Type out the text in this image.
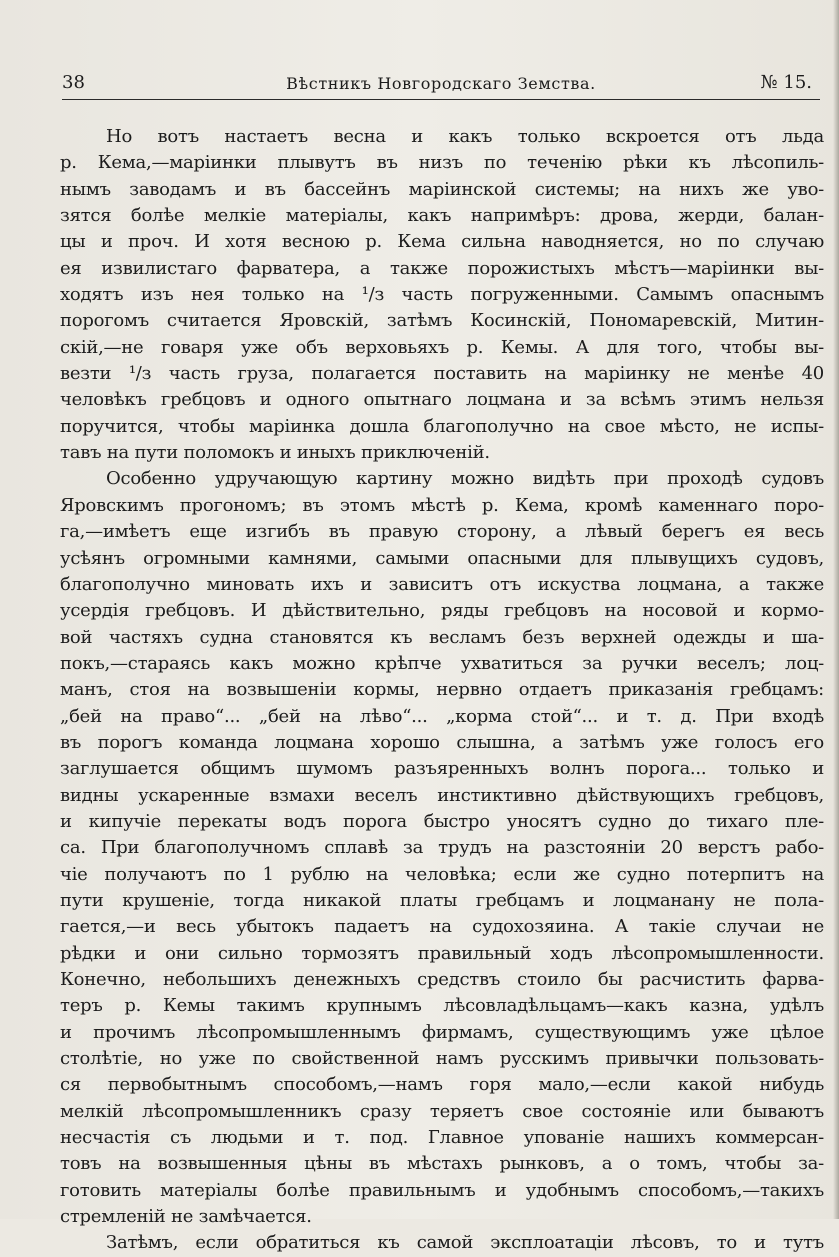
38	Вѣстникъ Новгородскаго Земства.	№ 15.
Но вотъ настаетъ весна и какъ только вскроется отъ льда
р. Кема,—маріинки плывутъ въ низъ по теченію рѣки къ лѣсопиль-
нымъ заводамъ и въ бассейнъ маріинской системы; на нихъ же уво-
зятся болѣе мелкіе матеріалы, какъ напримѣръ: дрова, жерди, балан-
цы и проч. И хотя весною р. Кема сильна наводняется, но по случаю
ея извилистаго фарватера, а также порожистыхъ мѣстъ—маріинки вы-
ходятъ изъ нея только на ¹/з часть погруженными. Самымъ опаснымъ
порогомъ считается Яровскій, затѣмъ Косинскій, Пономаревскій, Митин-
скій,—не говаря уже объ верховьяхъ р. Кемы. А для того, чтобы вы-
везти ¹/з часть груза, полагается поставить на маріинку не менѣе 40
человѣкъ гребцовъ и одного опытнаго лоцмана и за всѣмъ этимъ нельзя
поручится, чтобы маріинка дошла благополучно на свое мѣсто, не испы-
тавъ на пути поломокъ и иныхъ приключеній.
Особенно удручающую картину можно видѣть при проходѣ судовъ
Яровскимъ прогономъ; въ этомъ мѣстѣ р. Кема, кромѣ каменнаго поро-
га,—имѣетъ еще изгибъ въ правую сторону, а лѣвый берегъ ея весь
усѣянъ огромными камнями, самыми опасными для плывущихъ судовъ,
благополучно миновать ихъ и зависитъ отъ искуства лоцмана, а также
усердія гребцовъ. И дѣйствительно, ряды гребцовъ на носовой и кормо-
вой частяхъ судна становятся къ весламъ безъ верхней одежды и ша-
покъ,—стараясь какъ можно крѣпче ухватиться за ручки веселъ; лоц-
манъ, стоя на возвышеніи кормы, нервно отдаетъ приказанія гребцамъ:
„бей на право“... „бей на лѣво“... „корма стой“... и т. д. При входѣ
въ порогъ команда лоцмана хорошо слышна, а затѣмъ уже голосъ его
заглушается общимъ шумомъ разъяренныхъ волнъ порога... только и
видны ускаренные взмахи веселъ инстиктивно дѣйствующихъ гребцовъ,
и кипучіе перекаты водъ порога быстро уносятъ судно до тихаго пле-
са. При благополучномъ сплавѣ за трудъ на разстояніи 20 верстъ рабо-
чіе получаютъ по 1 рублю на человѣка; если же судно потерпитъ на
пути крушеніе, тогда никакой платы гребцамъ и лоцманану не пола-
гается,—и весь убытокъ падаетъ на судохозяина. А такіе случаи не
рѣдки и они сильно тормозятъ правильный ходъ лѣсопромышленности.
Конечно, небольшихъ денежныхъ средствъ стоило бы расчистить фарва-
теръ р. Кемы такимъ крупнымъ лѣсовладѣльцамъ—какъ казна, удѣлъ
и прочимъ лѣсопромышленнымъ фирмамъ, существующимъ уже цѣлое
столѣтіе, но уже по свойственной намъ русскимъ привычки пользовать-
ся первобытнымъ способомъ,—намъ горя мало,—если какой нибудь
мелкій лѣсопромышленникъ сразу теряетъ свое состояніе или бываютъ
несчастія съ людьми и т. под. Главное упованіе нашихъ коммерсан-
товъ на возвышенныя цѣны въ мѣстахъ рынковъ, а о томъ, чтобы за-
готовить матеріалы болѣе правильнымъ и удобнымъ способомъ,—такихъ
стремленій не замѣчается.
Затѣмъ, если обратиться къ самой эксплоатаціи лѣсовъ, то и тутъ
